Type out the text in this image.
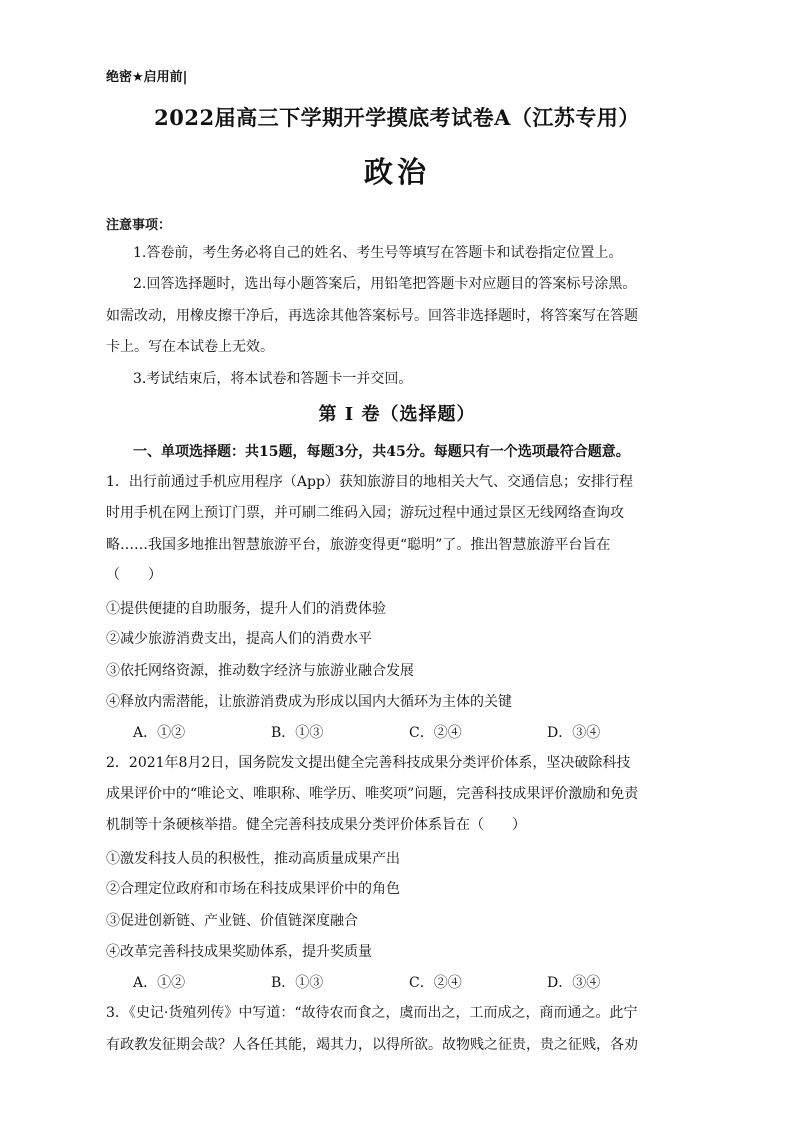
绝密★启用前|
2022届高三下学期开学摸底考试卷A（江苏专用）
政治
注意事项：
1.答卷前，考生务必将自己的姓名、考生号等填写在答题卡和试卷指定位置上。
2.回答选择题时，选出每小题答案后，用铅笔把答题卡对应题目的答案标号涂黑。
如需改动，用橡皮擦干净后，再选涂其他答案标号。回答非选择题时，将答案写在答题
卡上。写在本试卷上无效。
3.考试结束后，将本试卷和答题卡一并交回。
第 I 卷（选择题）
一、单项选择题：共15题，每题3分，共45分。每题只有一个选项最符合题意。
1．出行前通过手机应用程序（App）获知旅游目的地相关大气、交通信息；安排行程
时用手机在网上预订门票，并可刷二维码入园；游玩过程中通过景区无线网络查询攻
略……我国多地推出智慧旅游平台，旅游变得更“聪明”了。推出智慧旅游平台旨在
（　　）
①提供便捷的自助服务，提升人们的消费体验
②减少旅游消费支出，提高人们的消费水平
③依托网络资源，推动数字经济与旅游业融合发展
④释放内需潜能，让旅游消费成为形成以国内大循环为主体的关键
A．①②	B．①③	C．②④	D．③④
2．2021年8月2日，国务院发文提出健全完善科技成果分类评价体系，坚决破除科技
成果评价中的“唯论文、唯职称、唯学历、唯奖项”问题，完善科技成果评价激励和免责
机制等十条硬核举措。健全完善科技成果分类评价体系旨在（　　）
①激发科技人员的积极性，推动高质量成果产出
②合理定位政府和市场在科技成果评价中的角色
③促进创新链、产业链、价值链深度融合
④改革完善科技成果奖励体系，提升奖质量
A．①②	B．①③	C．②④	D．③④
3．《史记·货殖列传》中写道：“故待农而食之，虞而出之，工而成之，商而通之。此宁
有政教发征期会哉？人各任其能，竭其力，以得所欲。故物贱之征贵，贵之征贱，各劝
